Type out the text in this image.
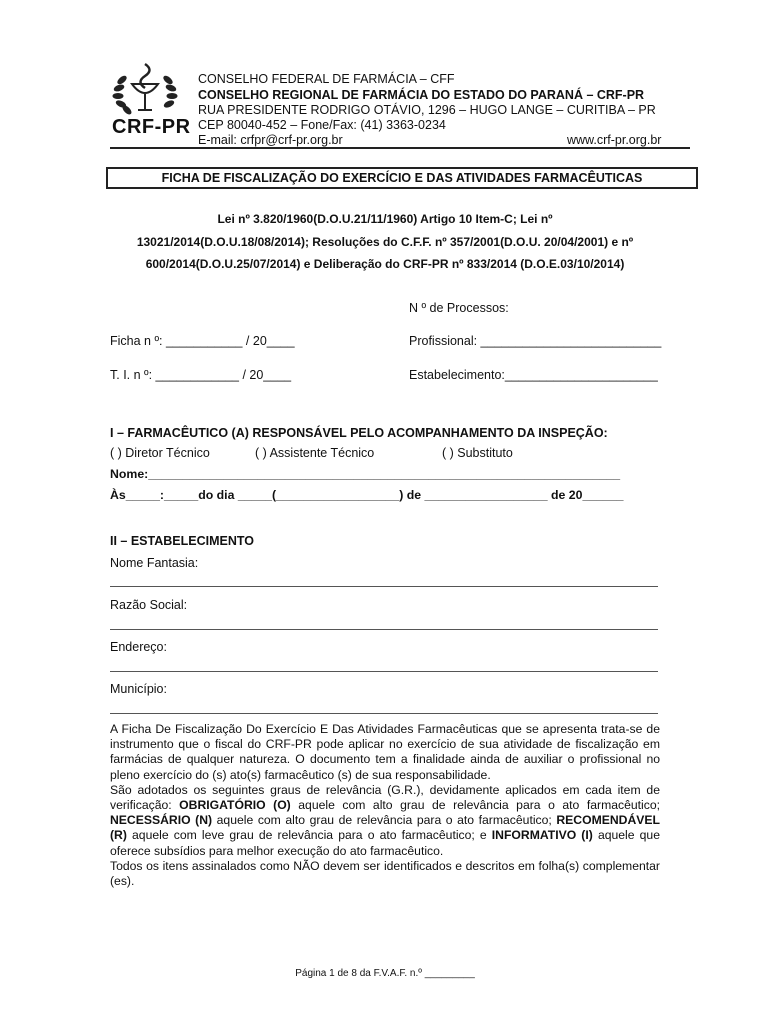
CRF-PR
CONSELHO FEDERAL DE FARMÁCIA – CFF
CONSELHO REGIONAL DE FARMÁCIA DO ESTADO DO PARANÁ – CRF-PR
RUA PRESIDENTE RODRIGO OTÁVIO, 1296 – HUGO LANGE – CURITIBA – PR
CEP 80040-452 – Fone/Fax: (41) 3363-0234
E-mail: crfpr@crf-pr.org.br	www.crf-pr.org.br
FICHA DE FISCALIZAÇÃO DO EXERCÍCIO E DAS ATIVIDADES FARMACÊUTICAS
Lei nº 3.820/1960(D.O.U.21/11/1960) Artigo 10 Item-C; Lei nº
13021/2014(D.O.U.18/08/2014); Resoluções do C.F.F. nº 357/2001(D.O.U. 20/04/2001) e nº
600/2014(D.O.U.25/07/2014) e Deliberação do CRF-PR nº 833/2014 (D.O.E.03/10/2014)
N º de Processos:
Ficha n º: ___________ / 20____	Profissional: __________________________
T. I. n º: ____________ / 20____	Estabelecimento:______________________
I – FARMACÊUTICO (A) RESPONSÁVEL PELO ACOMPANHAMENTO DA INSPEÇÃO:
( ) Diretor Técnico	( ) Assistente Técnico	( ) Substituto
Nome:_____________________________________________________________________
Às_____:_____do dia _____(__________________) de __________________ de 20______
II – ESTABELECIMENTO
Nome Fantasia:
Razão Social:
Endereço:
Município:
A Ficha De Fiscalização Do Exercício E Das Atividades Farmacêuticas que se apresenta trata-se de instrumento que o fiscal do CRF-PR pode aplicar no exercício de sua atividade de fiscalização em farmácias de qualquer natureza. O documento tem a finalidade ainda de auxiliar o profissional no pleno exercício do (s) ato(s) farmacêutico (s) de sua responsabilidade.
São adotados os seguintes graus de relevância (G.R.), devidamente aplicados em cada item de verificação: OBRIGATÓRIO (O) aquele com alto grau de relevância para o ato farmacêutico; NECESSÁRIO (N) aquele com alto grau de relevância para o ato farmacêutico; RECOMENDÁVEL (R) aquele com leve grau de relevância para o ato farmacêutico; e INFORMATIVO (I) aquele que oferece subsídios para melhor execução do ato farmacêutico.
Todos os itens assinalados como NÃO devem ser identificados e descritos em folha(s) complementar (es).
Página 1 de 8 da F.V.A.F. n.º _________
